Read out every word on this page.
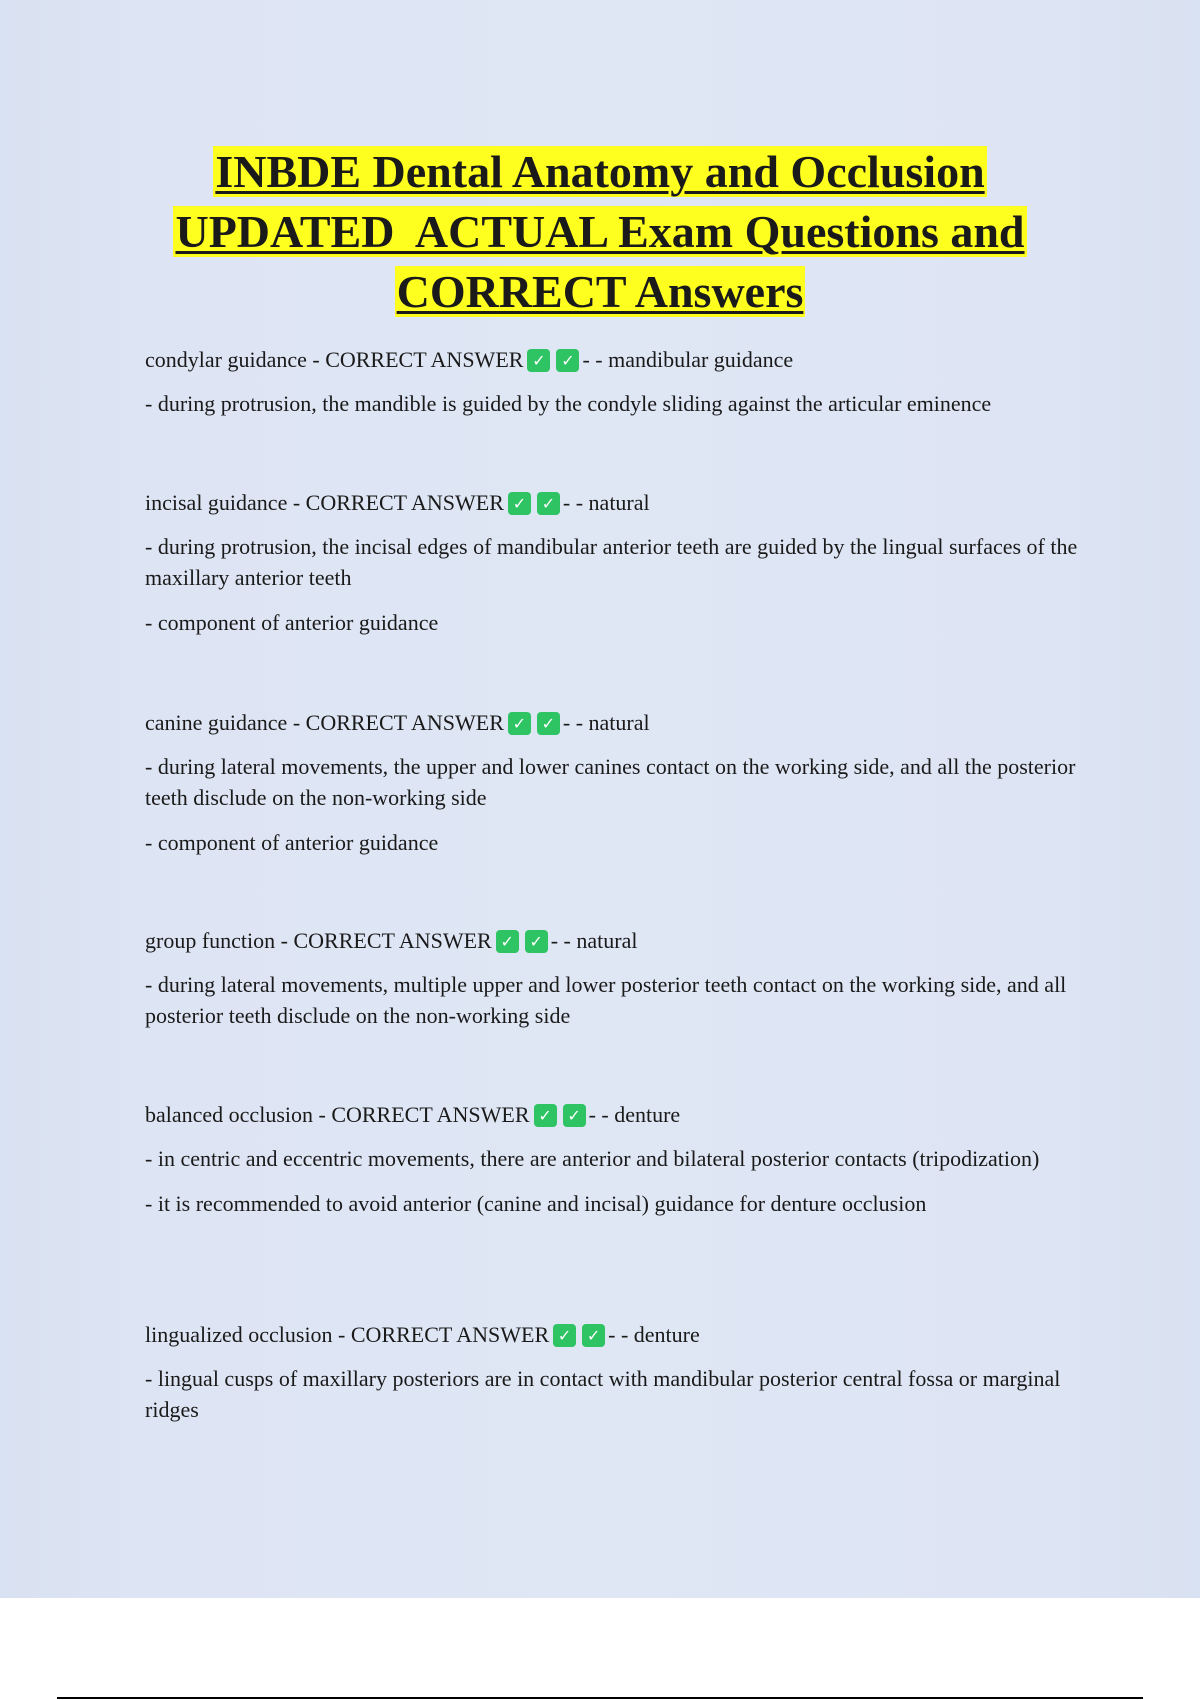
INBDE Dental Anatomy and Occlusion
UPDATED  ACTUAL Exam Questions and
CORRECT Answers
condylar guidance - CORRECT ANSWER ✓ ✓ - - mandibular guidance
- during protrusion, the mandible is guided by the condyle sliding against the articular eminence
incisal guidance - CORRECT ANSWER ✓ ✓ - - natural
- during protrusion, the incisal edges of mandibular anterior teeth are guided by the lingual surfaces of the maxillary anterior teeth
- component of anterior guidance
canine guidance - CORRECT ANSWER ✓ ✓ - - natural
- during lateral movements, the upper and lower canines contact on the working side, and all the posterior teeth disclude on the non-working side
- component of anterior guidance
group function - CORRECT ANSWER ✓ ✓ - - natural
- during lateral movements, multiple upper and lower posterior teeth contact on the working side, and all posterior teeth disclude on the non-working side
balanced occlusion - CORRECT ANSWER ✓ ✓ - - denture
- in centric and eccentric movements, there are anterior and bilateral posterior contacts (tripodization)
- it is recommended to avoid anterior (canine and incisal) guidance for denture occlusion
lingualized occlusion - CORRECT ANSWER ✓ ✓ - - denture
- lingual cusps of maxillary posteriors are in contact with mandibular posterior central fossa or marginal ridges
